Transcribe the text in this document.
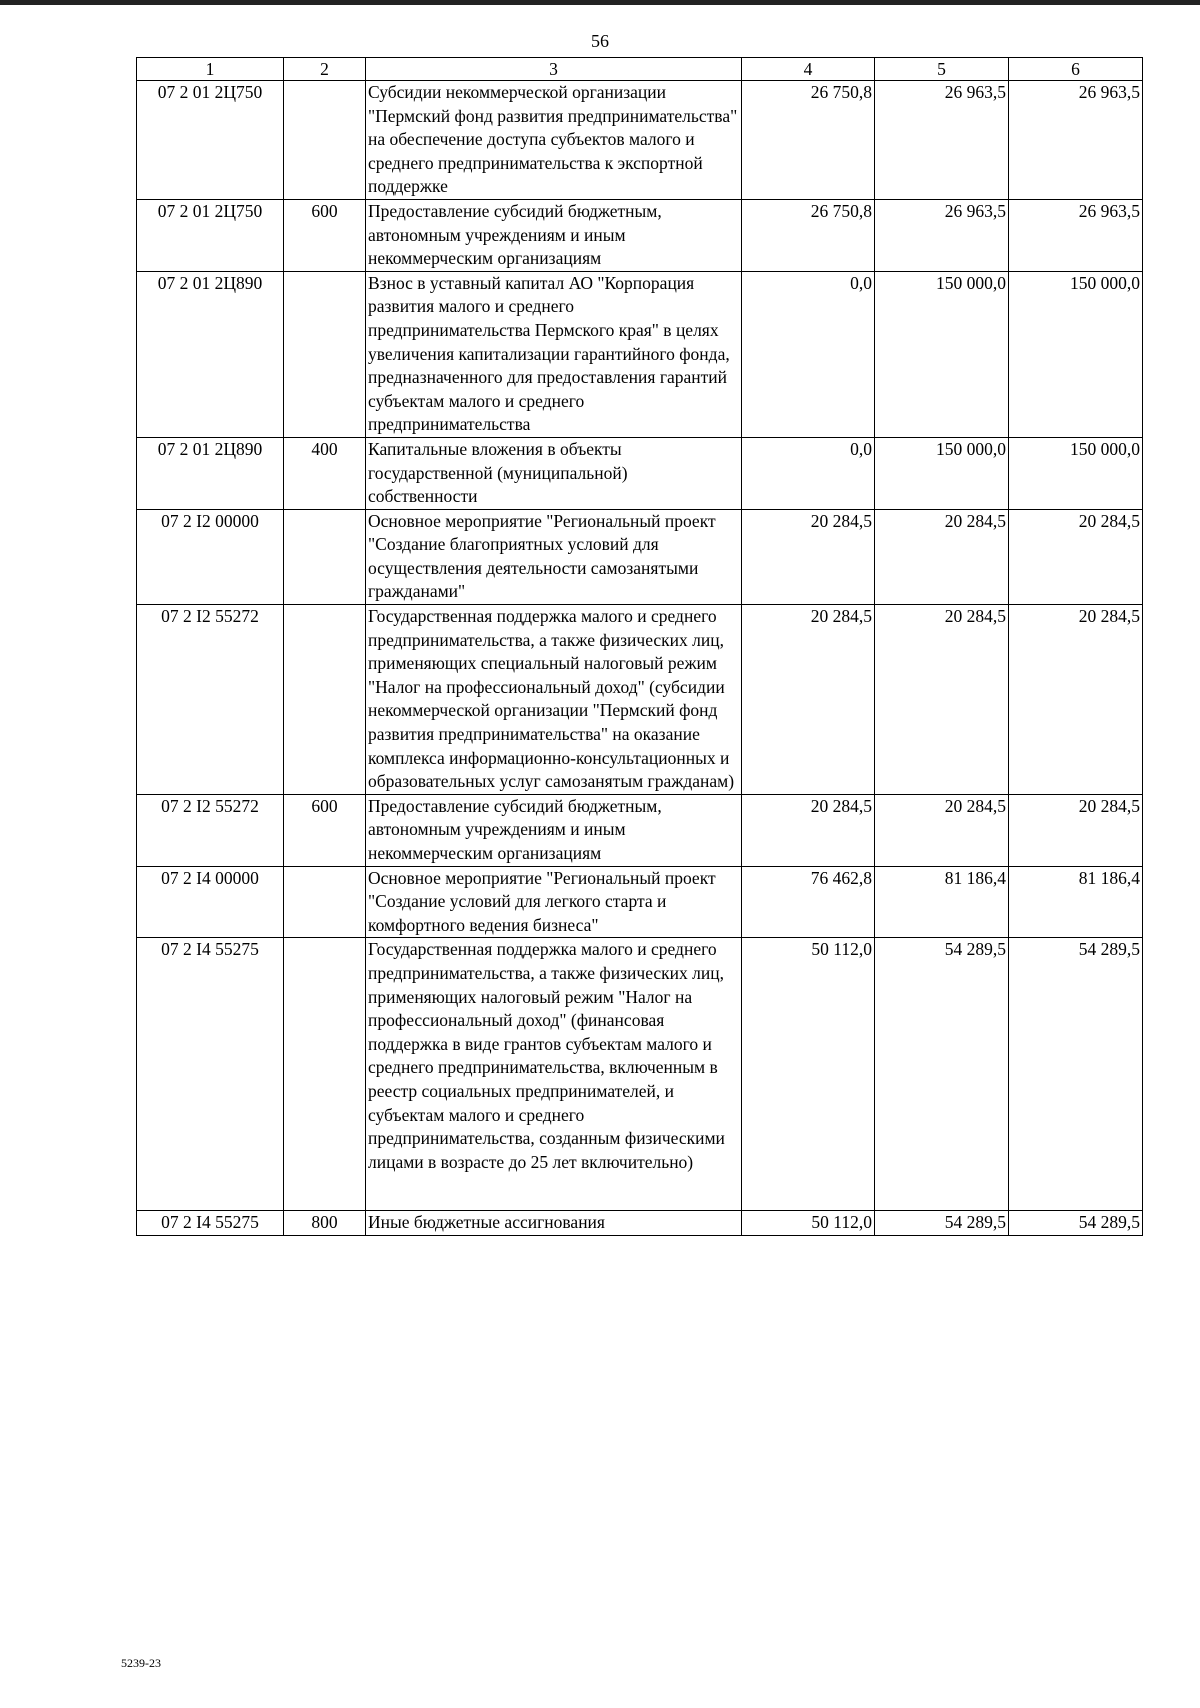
56
1	2	3	4	5	6
07 2 01 2Ц750		Субсидии некоммерческой организации "Пермский фонд развития предпринимательства" на обеспечение доступа субъектов малого и среднего предпринимательства к экспортной поддержке	26 750,8	26 963,5	26 963,5
07 2 01 2Ц750	600	Предоставление субсидий бюджетным, автономным учреждениям и иным некоммерческим организациям	26 750,8	26 963,5	26 963,5
07 2 01 2Ц890		Взнос в уставный капитал АО "Корпорация развития малого и среднего предпринимательства Пермского края" в целях увеличения капитализации гарантийного фонда, предназначенного для предоставления гарантий субъектам малого и среднего предпринимательства	0,0	150 000,0	150 000,0
07 2 01 2Ц890	400	Капитальные вложения в объекты государственной (муниципальной) собственности	0,0	150 000,0	150 000,0
07 2 I2 00000		Основное мероприятие "Региональный проект "Создание благоприятных условий для осуществления деятельности самозанятыми гражданами"	20 284,5	20 284,5	20 284,5
07 2 I2 55272		Государственная поддержка малого и среднего предпринимательства, а также физических лиц, применяющих специальный налоговый режим "Налог на профессиональный доход" (субсидии некоммерческой организации "Пермский фонд развития предпринимательства" на оказание комплекса информационно-консультационных и образовательных услуг самозанятым гражданам)	20 284,5	20 284,5	20 284,5
07 2 I2 55272	600	Предоставление субсидий бюджетным, автономным учреждениям и иным некоммерческим организациям	20 284,5	20 284,5	20 284,5
07 2 I4 00000		Основное мероприятие "Региональный проект "Создание условий для легкого старта и комфортного ведения бизнеса"	76 462,8	81 186,4	81 186,4
07 2 I4 55275		Государственная поддержка малого и среднего предпринимательства, а также физических лиц, применяющих налоговый режим "Налог на профессиональный доход" (финансовая поддержка в виде грантов субъектам малого и среднего предпринимательства, включенным в реестр социальных предпринимателей, и субъектам малого и среднего предпринимательства, созданным физическими лицами в возрасте до 25 лет включительно)	50 112,0	54 289,5	54 289,5
07 2 I4 55275	800	Иные бюджетные ассигнования	50 112,0	54 289,5	54 289,5
5239-23
